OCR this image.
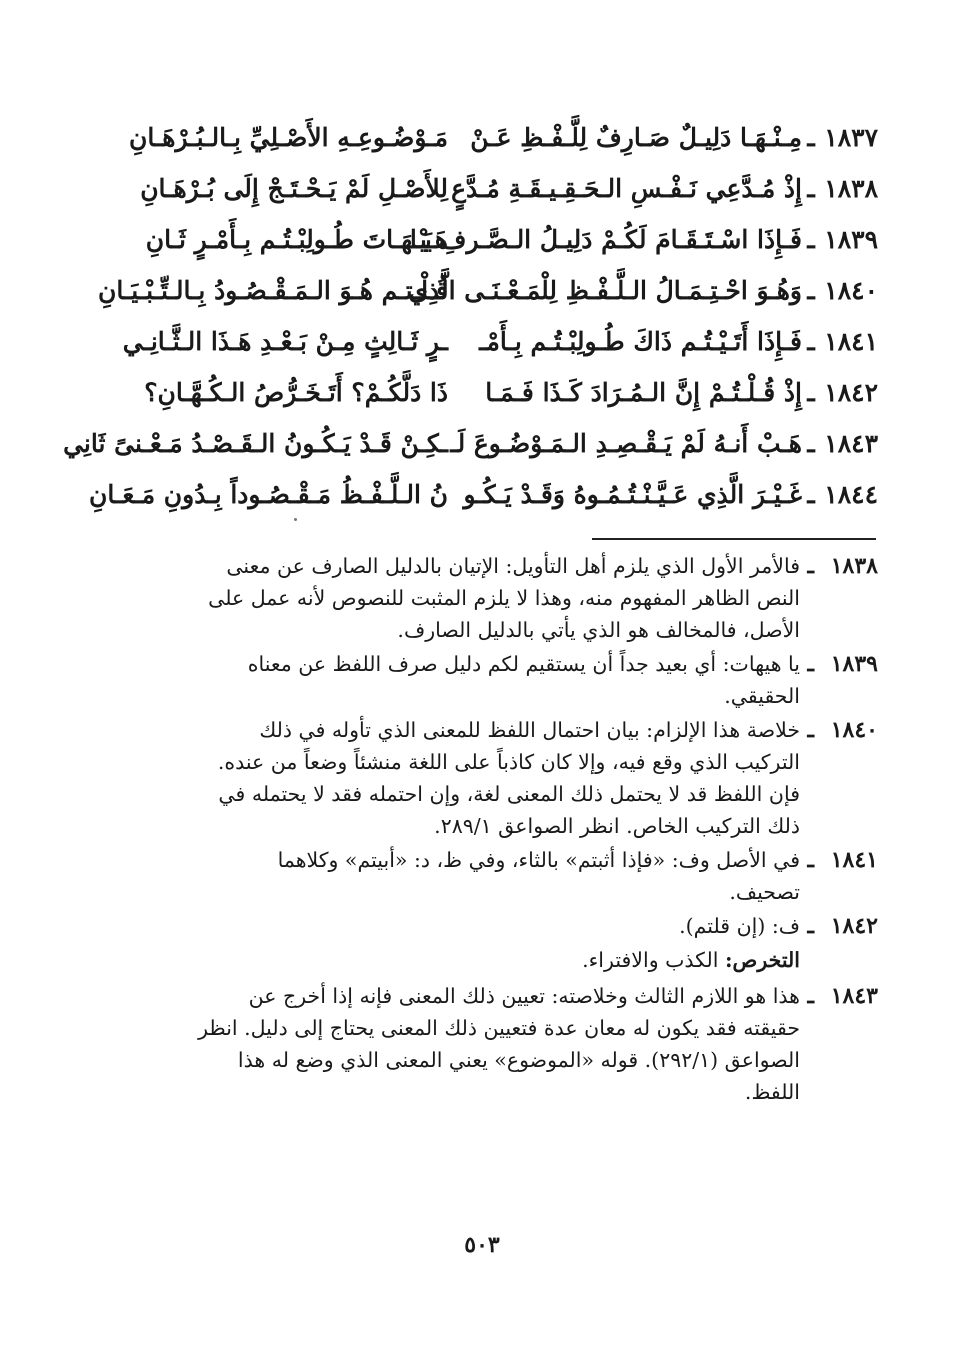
١٨٣٧
ـ
مِـنْـهَـا دَلِيـلٌ صَـارِفٌ لِلَّـفْـظِ عَـنْ
مَـوْضُـوعِـهِ الأَصْـلِيِّ بِـالـبُـرْهَـانِ
١٨٣٨
ـ
إِذْ مُـدَّعِي نَـفْـسِ الـحَـقِـيـقَـةِ مُـدَّعٍ
لِلأَصْـلِ لَمْ يَـحْـتَـجْ إِلَى بُـرْهَـانِ
١٨٣٩
ـ
فَـإِذَا اسْـتَـقَـامَ لَكُـمْ دَلِيـلُ الـصَّـرفِ يَـا
هَـيْـهَـاتَ طُـولِبْـتُـم بِـأَمْـرٍ ثَـانِ
١٨٤٠
ـ
وَهُـوَ احْـتِـمَـالُ الـلَّـفْـظِ لِلْمَـعْـنَـى الَّذِي
قُـلْـتـم هُـوَ الـمَـقْـصُـودُ بِـالـتِّـبْـيَـانِ
١٨٤١
ـ
فَـإِذَا أَتَـيْـتُـم ذَاكَ طُـولِبْـتُـم بِـأَمْـ
ـرٍ ثَـالِثٍ مِـنْ بَـعْـدِ هَـذَا الـثَّـانِـي
١٨٤٢
ـ
إِذْ قُـلْـتُـمْ إِنَّ الـمُـرَادَ كَـذَا فَـمَـا
ذَا دَلَّكُـمْ؟ أَتَـخَـرُّصُ الـكُـهَّـانِ؟
١٨٤٣
ـ
هَـبْ أَنـهُ لَمْ يَـقْـصِـدِ الـمَـوْضُـوعَ لَـ
ـكِـنْ قَـدْ يَـكُـونُ الـقَـصْـدُ مَـعْـنىً ثَانِي
١٨٤٤
ـ
غَـيْـرَ الَّذِي عَـيَّـنْـتُـمُـوهُ وَقَـدْ يَـكُـو
نُ الـلَّـفْـظُ مَـقْـصُـوداً بِـدُونِ مَـعَـانِ
١٨٣٨
ـ

فالأمر الأول الذي يلزم أهل التأويل: الإتيان بالدليل الصارف عن معنى

النص الظاهر المفهوم منه، وهذا لا يلزم المثبت للنصوص لأنه عمل على

الأصل، فالمخالف هو الذي يأتي بالدليل الصارف.

١٨٣٩
ـ

يا هيهات: أي بعيد جداً أن يستقيم لكم دليل صرف اللفظ عن معناه

الحقيقي.

١٨٤٠
ـ

خلاصة هذا الإلزام: بيان احتمال اللفظ للمعنى الذي تأوله في ذلك

التركيب الذي وقع فيه، وإلا كان كاذباً على اللغة منشئاً وضعاً من عنده.

فإن اللفظ قد لا يحتمل ذلك المعنى لغة، وإن احتمله فقد لا يحتمله في

ذلك التركيب الخاص. انظر الصواعق ٢٨٩/١.

١٨٤١
ـ

في الأصل وف: «فإذا أثبتم» بالثاء، وفي ظ، د: «أبيتم» وكلاهما

تصحيف.

١٨٤٢
ـ

ف: (إن قلتم).

التخرص: الكذب والافتراء.
١٨٤٣
ـ

هذا هو اللازم الثالث وخلاصته: تعيين ذلك المعنى فإنه إذا أخرج عن

حقيقته فقد يكون له معان عدة فتعيين ذلك المعنى يحتاج إلى دليل. انظر

الصواعق (٢٩٢/١). قوله «الموضوع» يعني المعنى الذي وضع له هذا

اللفظ.

٥٠٣
